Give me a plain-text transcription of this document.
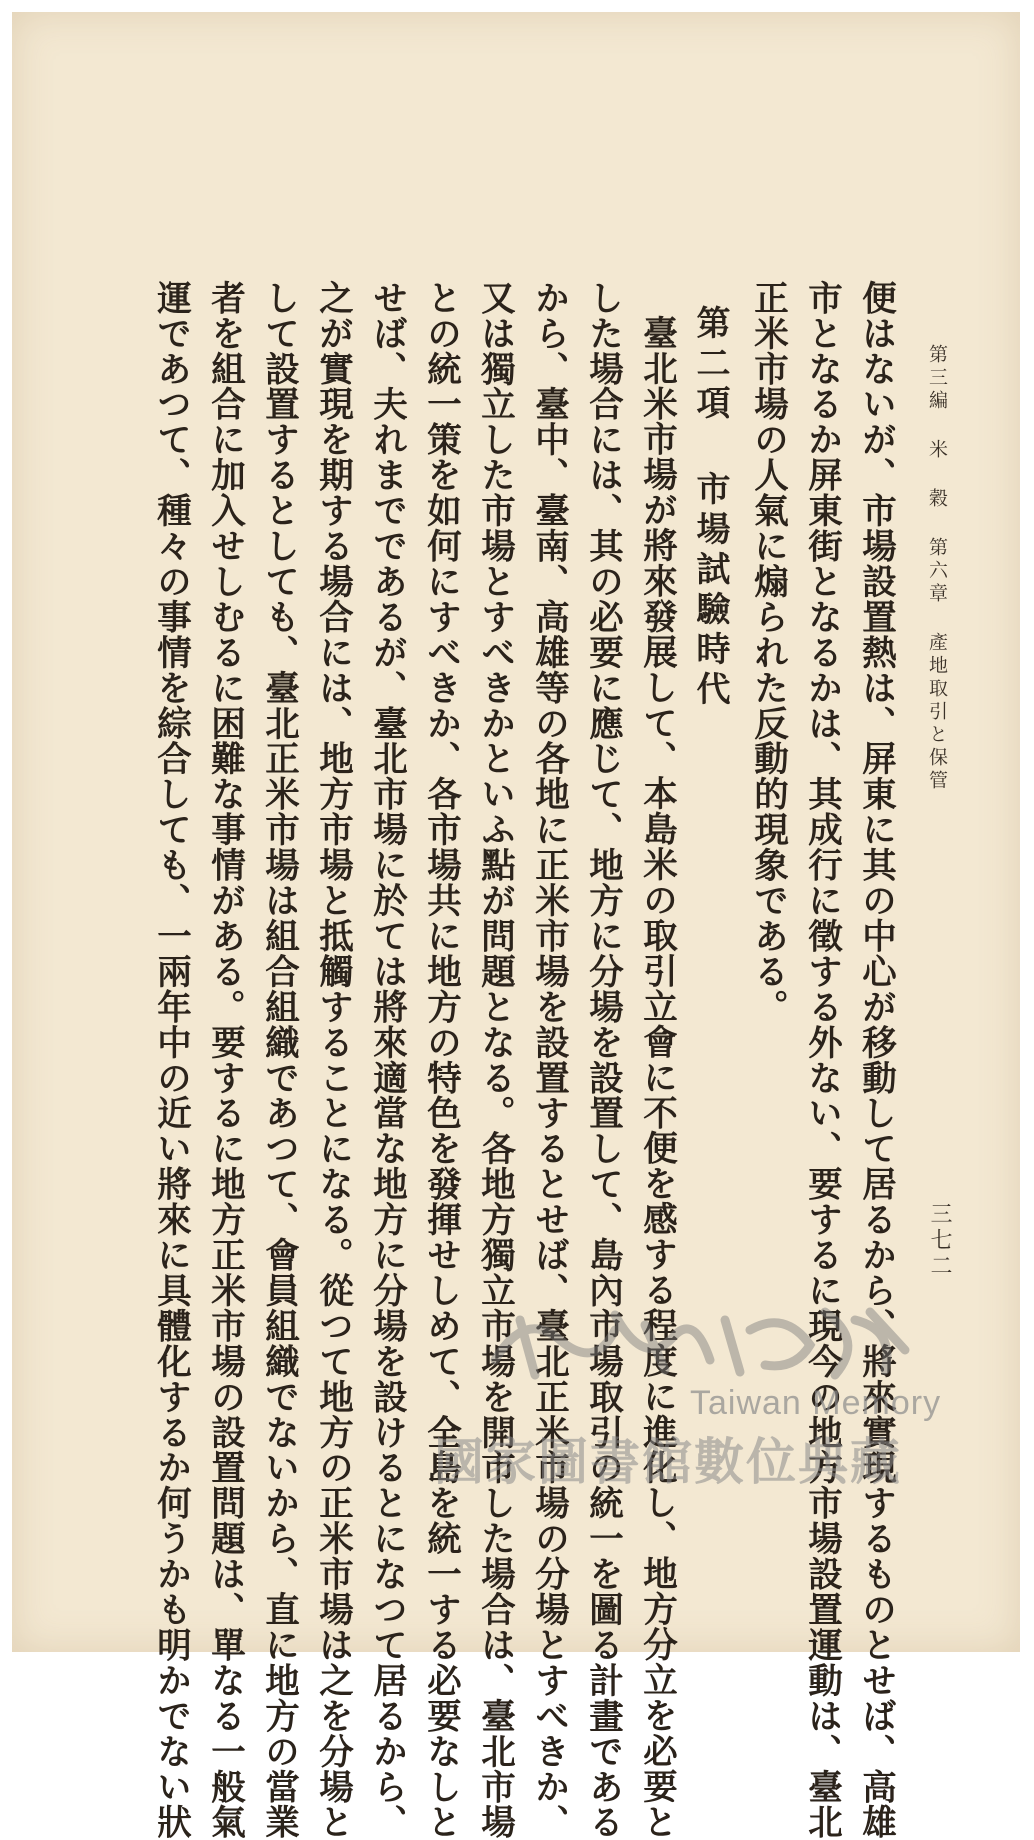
第三編 米 穀 第六章 產地取引と保管
三七二
便はないが、市場設置熱は、屏東に其の中心が移動して居るから、將來實現するものとせば、高雄
市となるか屏東街となるかは、其成行に徵する外ない、要するに現今の地方市場設置運動は、臺北
正米市場の人氣に煽られた反動的現象である。
第二項 市場試驗時代
臺北米市場が將來發展して、本島米の取引立會に不便を感する程度に進化し、地方分立を必要と
した場合には、其の必要に應じて、地方に分場を設置して、島內市場取引の統一を圖る計畫である
から、臺中、臺南、高雄等の各地に正米市場を設置するとせば、臺北正米市場の分場とすべきか、
又は獨立した市場とすべきかといふ點が問題となる。各地方獨立市場を開市した場合は、臺北市場
との統一策を如何にすべきか、各市場共に地方の特色を發揮せしめて、全島を統一する必要なしと
せば、夫れまでであるが、臺北市場に於ては將來適當な地方に分場を設けるとになつて居るから、
之が實現を期する場合には、地方市場と抵觸することになる。從つて地方の正米市場は之を分場と
して設置するとしても、臺北正米市場は組合組織であつて、會員組織でないから、直に地方の當業
者を組合に加入せしむるに困難な事情がある。要するに地方正米市場の設置問題は、單なる一般氣
運であつて、種々の事情を綜合しても、一兩年中の近い將來に具體化するか何うかも明かでない狀	Taiwan Memory
國家圖書館數位典藏
